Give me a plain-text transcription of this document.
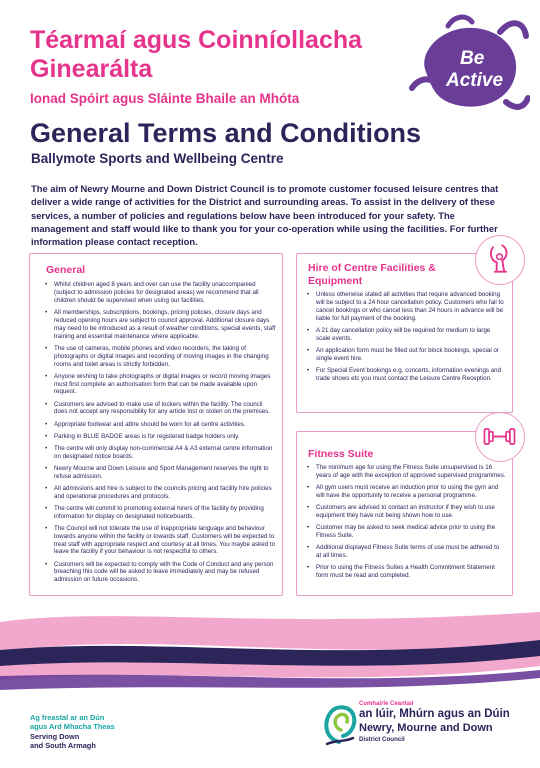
Téarmaí agus Coinníollacha Ginearálta
Ionad Spóirt agus Sláinte Bhaile an Mhóta
Be
Active
General Terms and Conditions
Ballymote Sports and Wellbeing Centre
The aim of Newry Mourne and Down District Council is to promote customer focused leisure centres that deliver a wide range of activities for the District and surrounding areas. To assist in the delivery of these services, a number of policies and regulations below have been introduced for your safety. The management and staff would like to thank you for your co-operation while using the facilities. For further information please contact reception.
General
• Whilst children aged 8 years and over can use the facility unaccompanied (subject to admission policies for designated areas) we recommend that all children should be supervised when using our facilities.
• All memberships, subscriptions, bookings, pricing policies, closure days and reduced opening hours are subject to council approval. Additional closure days may need to be introduced as a result of weather conditions, special events, staff training and essential maintenance where applicable.
• The use of cameras, mobile phones and video recorders, the taking of photographs or digital images and recording of moving images in the changing rooms and toilet areas is strictly forbidden.
• Anyone wishing to take photographs or digital images or record moving images must first complete an authorisation form that can be made available upon request.
• Customers are advised to make use of lockers within the facility. The council does not accept any responsibility for any article lost or stolen on the premises.
• Appropriate footwear and attire should be worn for all centre activities.
• Parking in BLUE BADGE areas is for registered badge holders only.
• The centre will only display non-commercial A4 & A3 external centre information on designated notice boards.
• Newry Mourne and Down Leisure and Sport Management reserves the right to refuse admission.
• All admissions and hire is subject to the councils pricing and facility hire policies and operational procedures and protocols.
• The centre will commit to promoting external hirers of the facility by providing information for display on designated noticeboards.
• The Council will not tolerate the use of inappropriate language and behaviour towards anyone within the facility or towards staff. Customers will be expected to treat staff with appropriate respect and courtesy at all times. You maybe asked to leave the facility if your behaviour is not respectful to others.
• Customers will be expected to comply with the Code of Conduct and any person breaching this code will be asked to leave immediately and may be refused admission on future occasions.
Hire of Centre Facilities & Equipment
• Unless otherwise stated all activities that require advanced booking will be subject to a 24 hour cancellation policy. Customers who fail to cancel bookings or who cancel less than 24 hours in advance will be liable for full payment of the booking.
• A 21 day cancellation policy will be required for medium to large scale events.
• An application form must be filled out for block bookings, special or single event hire.
• For Special Event bookings e.g. concerts, information evenings and trade shows etc you must contact the Leisure Centre Reception.
Fitness Suite
• The minimum age for using the Fitness Suite unsupervised is 16 years of age with the exception of approved supervised programmes.
• All gym users must receive an induction prior to using the gym and will have the opportunity to receive a personal programme.
• Customers are advised to contact an instructor if they wish to use equipment they have not being shown how to use.
• Customer may be asked to seek medical advice prior to using the Fitness Suite.
• Additional displayed Fitness Suite terms of use must be adhered to at all times.
• Prior to using the Fitness Suites a Health Commitment Statement form must be read and completed.
Ag freastal ar an Dún
agus Ard Mhacha Theas
Serving Down
and South Armagh
Comhairle Ceantair
an Iúir, Mhúrn agus an Dúin
Newry, Mourne and Down
District Council
